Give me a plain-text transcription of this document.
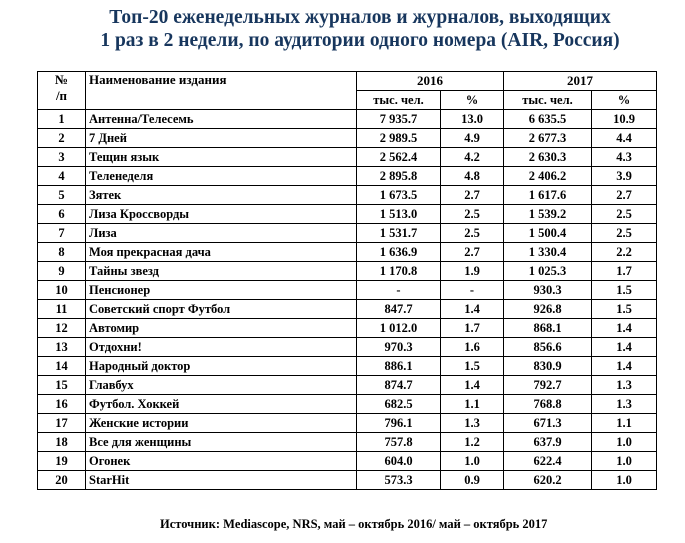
Топ-20 еженедельных журналов и журналов, выходящих
1 раз в 2 недели, по аудитории одного номера (AIR, Россия)
№
/п	Наименование издания	2016		2017	
		тыс. чел.	%	тыс. чел.	%
1	Антенна/Телесемь	7 935.7	13.0	6 635.5	10.9
2	7 Дней	2 989.5	4.9	2 677.3	4.4
3	Тещин язык	2 562.4	4.2	2 630.3	4.3
4	Теленеделя	2 895.8	4.8	2 406.2	3.9
5	Зятек	1 673.5	2.7	1 617.6	2.7
6	Лиза Кроссворды	1 513.0	2.5	1 539.2	2.5
7	Лиза	1 531.7	2.5	1 500.4	2.5
8	Моя прекрасная дача	1 636.9	2.7	1 330.4	2.2
9	Тайны звезд	1 170.8	1.9	1 025.3	1.7
10	Пенсионер	-	-	930.3	1.5
11	Советский спорт Футбол	847.7	1.4	926.8	1.5
12	Автомир	1 012.0	1.7	868.1	1.4
13	Отдохни!	970.3	1.6	856.6	1.4
14	Народный доктор	886.1	1.5	830.9	1.4
15	Главбух	874.7	1.4	792.7	1.3
16	Футбол. Хоккей	682.5	1.1	768.8	1.3
17	Женские истории	796.1	1.3	671.3	1.1
18	Все для женщины	757.8	1.2	637.9	1.0
19	Огонек	604.0	1.0	622.4	1.0
20	StarHit	573.3	0.9	620.2	1.0
Источник: Mediascope, NRS, май – октябрь 2016/ май – октябрь 2017
